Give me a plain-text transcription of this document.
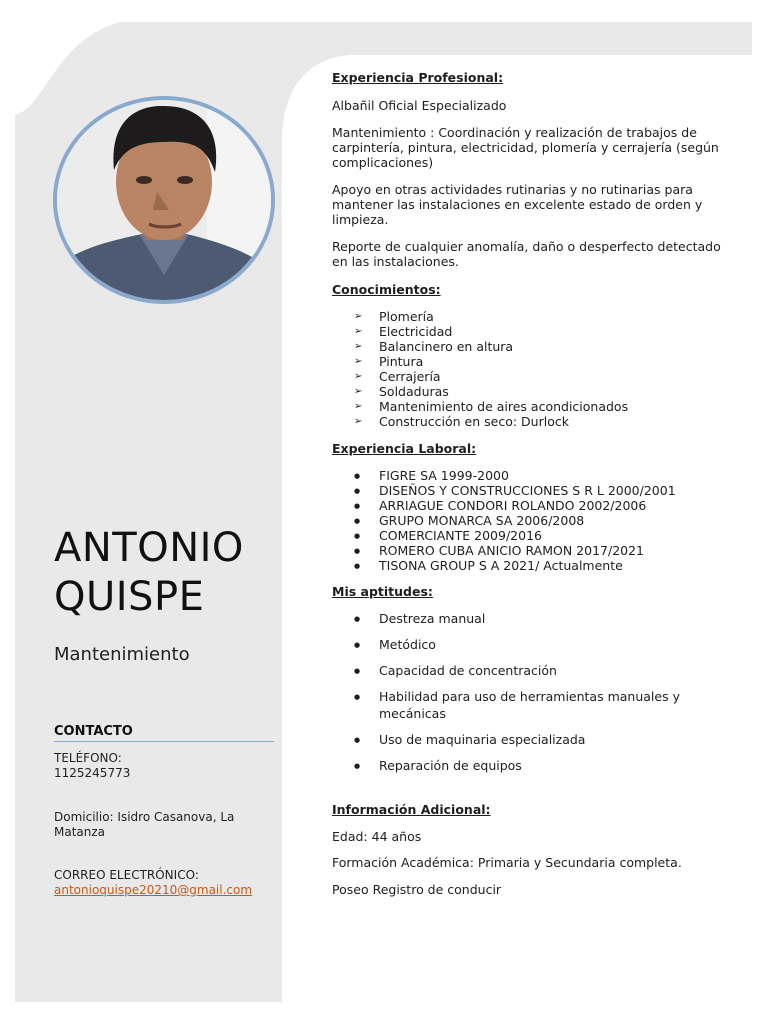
ANTONIO
QUISPE
Mantenimiento
CONTACTO
TELÉFONO:
1125245773
Domicilio: Isidro Casanova, La Matanza
CORREO ELECTRÓNICO:
antonioquispe20210@gmail.com
Experiencia Profesional:
Albañil Oficial Especializado
Mantenimiento : Coordinación y realización de trabajos de carpintería, pintura, electricidad, plomería y cerrajería (según complicaciones)
Apoyo en otras actividades rutinarias y no rutinarias para mantener las instalaciones en excelente estado de orden y limpieza.
Reporte de cualquier anomalía, daño o desperfecto detectado en las instalaciones.
Conocimientos:
➢ Plomería
➢ Electricidad
➢ Balancinero en altura
➢ Pintura
➢ Cerrajería
➢ Soldaduras
➢ Mantenimiento de aires acondicionados
➢ Construcción en seco: Durlock
Experiencia Laboral:
● FIGRE SA 1999-2000
● DISEÑOS Y CONSTRUCCIONES S R L 2000/2001
● ARRIAGUE CONDORI ROLANDO 2002/2006
● GRUPO MONARCA SA 2006/2008
● COMERCIANTE 2009/2016
● ROMERO CUBA ANICIO RAMON 2017/2021
● TISONA GROUP S A 2021/ Actualmente
Mis aptitudes:
● Destreza manual
● Metódico
● Capacidad de concentración
● Habilidad para uso de herramientas manuales y mecánicas
● Uso de maquinaria especializada
● Reparación de equipos
Información Adicional:
Edad: 44 años
Formación Académica: Primaria y Secundaria completa.
Poseo Registro de conducir
